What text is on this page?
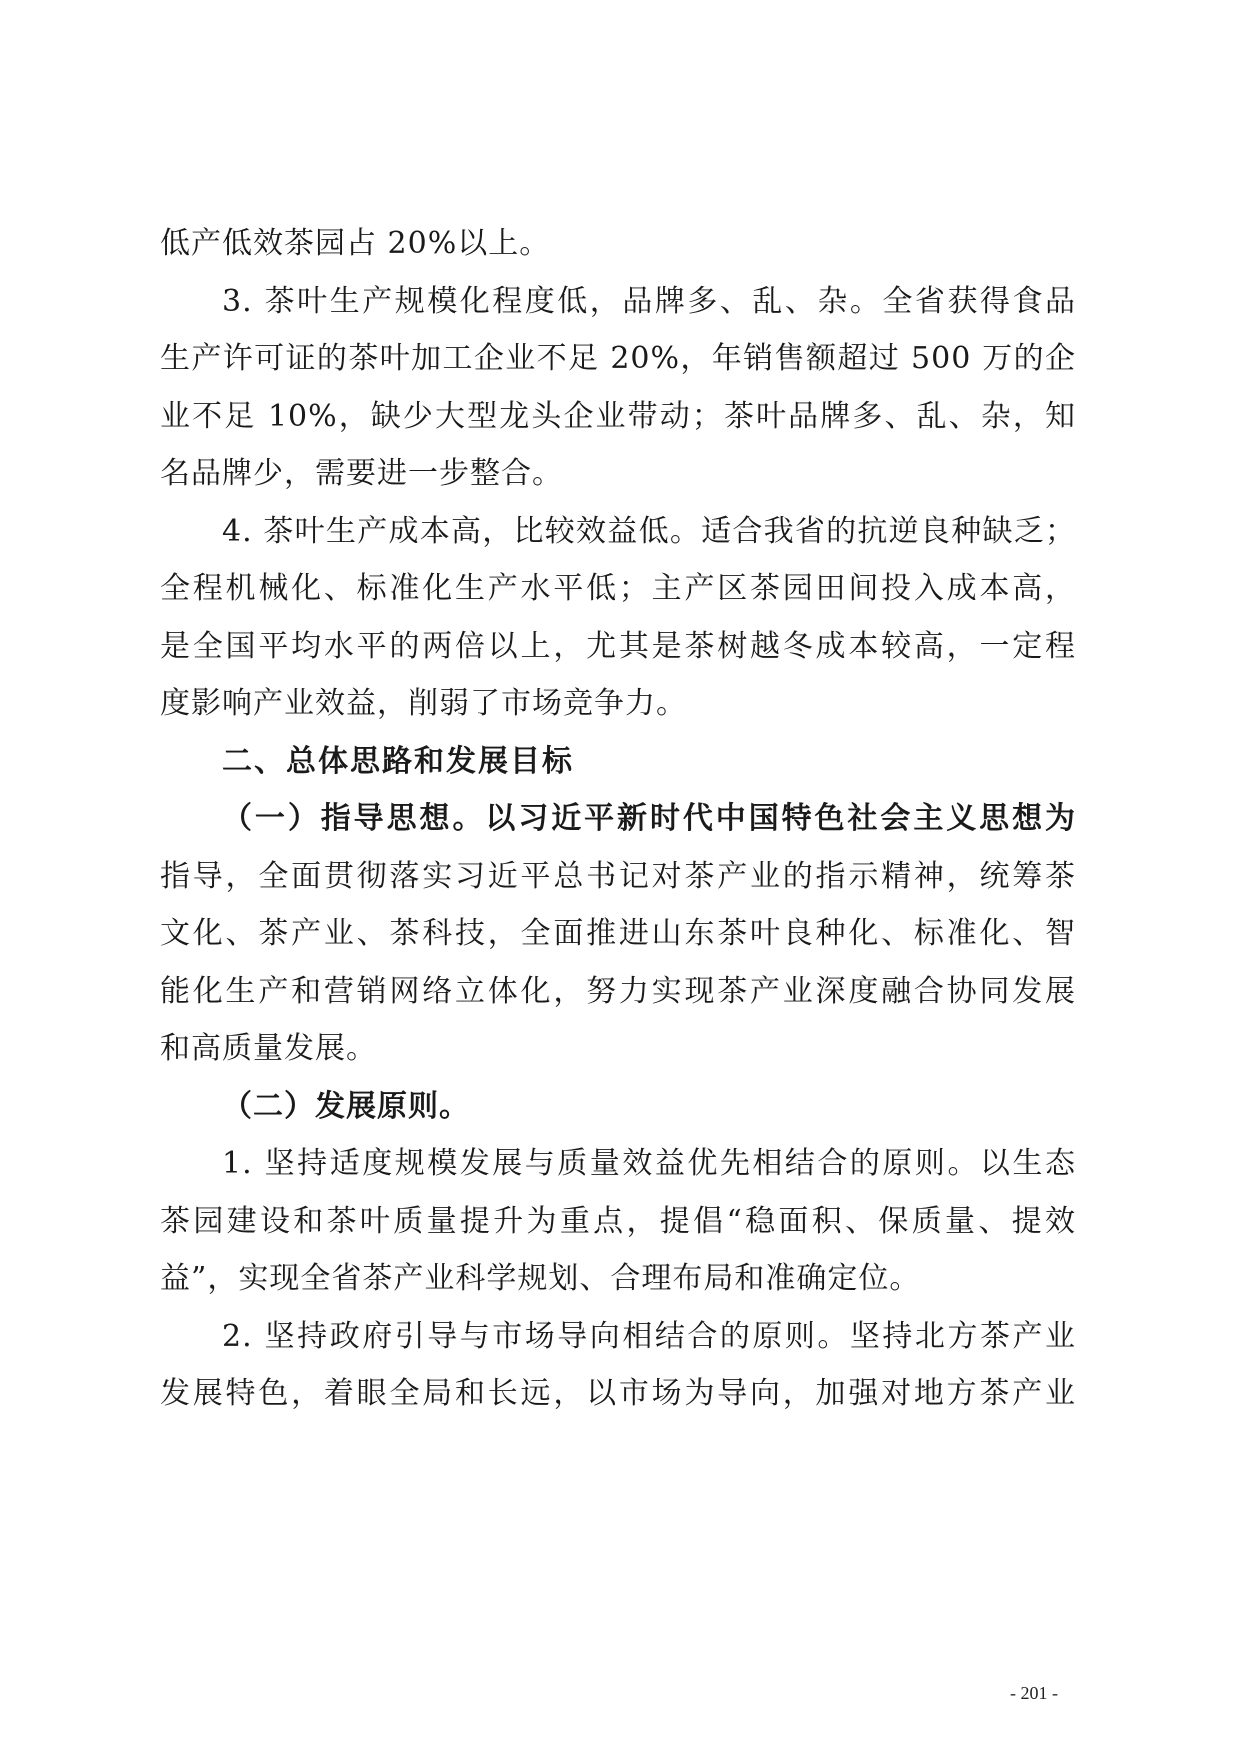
低产低效茶园占 20%以上。
3. 茶叶生产规模化程度低，品牌多、乱、杂。全省获得食品
生产许可证的茶叶加工企业不足 20%，年销售额超过 500 万的企
业不足 10%，缺少大型龙头企业带动；茶叶品牌多、乱、杂，知
名品牌少，需要进一步整合。
4. 茶叶生产成本高，比较效益低。适合我省的抗逆良种缺乏；
全程机械化、标准化生产水平低；主产区茶园田间投入成本高，
是全国平均水平的两倍以上，尤其是茶树越冬成本较高，一定程
度影响产业效益，削弱了市场竞争力。
二、总体思路和发展目标
（一）指导思想。以习近平新时代中国特色社会主义思想为
指导，全面贯彻落实习近平总书记对茶产业的指示精神，统筹茶
文化、茶产业、茶科技，全面推进山东茶叶良种化、标准化、智
能化生产和营销网络立体化，努力实现茶产业深度融合协同发展
和高质量发展。
（二）发展原则。
1. 坚持适度规模发展与质量效益优先相结合的原则。以生态
茶园建设和茶叶质量提升为重点，提倡“稳面积、保质量、提效
益”，实现全省茶产业科学规划、合理布局和准确定位。
2. 坚持政府引导与市场导向相结合的原则。坚持北方茶产业
发展特色，着眼全局和长远，以市场为导向，加强对地方茶产业
- 201 -
